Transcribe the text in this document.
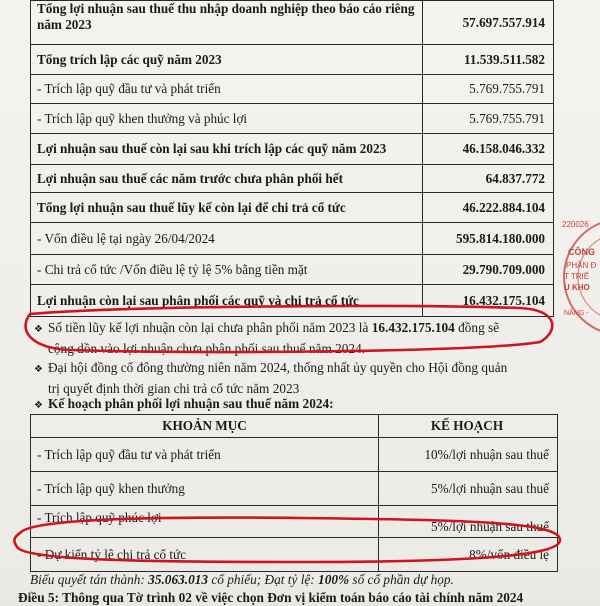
Tổng lợi nhuận sau thuế thu nhập doanh nghiệp theo báo cáo riêng năm 2023	57.697.557.914
Tổng trích lập các quỹ năm 2023	11.539.511.582
- Trích lập quỹ đầu tư và phát triển	5.769.755.791
- Trích lập quỹ khen thưởng và phúc lợi	5.769.755.791
Lợi nhuận sau thuế còn lại sau khi trích lập các quỹ năm 2023	46.158.046.332
Lợi nhuận sau thuế các năm trước chưa phân phối hết	64.837.772
Tổng lợi nhuận sau thuế lũy kế còn lại để chi trả cổ tức	46.222.884.104
- Vốn điều lệ tại ngày 26/04/2024	595.814.180.000
- Chi trả cổ tức /Vốn điều lệ tỷ lệ 5% bằng tiền mặt	29.790.709.000
Lợi nhuận còn lại sau phân phối các quỹ và chi trả cổ tức	16.432.175.104
❖ Số tiền lũy kế lợi nhuận còn lại chưa phân phối năm 2023 là 16.432.175.104 đồng sẽ
cộng dồn vào lợi nhuận chưa phân phối sau thuế năm 2024.
❖ Đại hội đồng cổ đông thường niên năm 2024, thống nhất ủy quyền cho Hội đồng quản
trị quyết định thời gian chi trả cổ tức năm 2023
❖ Kế hoạch phân phối lợi nhuận sau thuế năm 2024:
KHOẢN MỤC	KẾ HOẠCH
- Trích lập quỹ đầu tư và phát triển	10%/lợi nhuận sau thuế
- Trích lập quỹ khen thưởng	5%/lợi nhuận sau thuế
- Trích lập quỹ phúc lợi	5%/lợi nhuận sau thuế
- Dự kiến tỷ lệ chi trả cổ tức	8%/vốn điều lệ
Biểu quyết tán thành: 35.063.013 cổ phiếu; Đạt tỷ lệ: 100% số cổ phần dự họp.
Điều 5: Thông qua Tờ trình 02 về việc chọn Đơn vị kiểm toán báo cáo tài chính năm 2024
220026
CÔNG
PHẦN Đ
T TRIỂ
U KHO
NẴNG -
